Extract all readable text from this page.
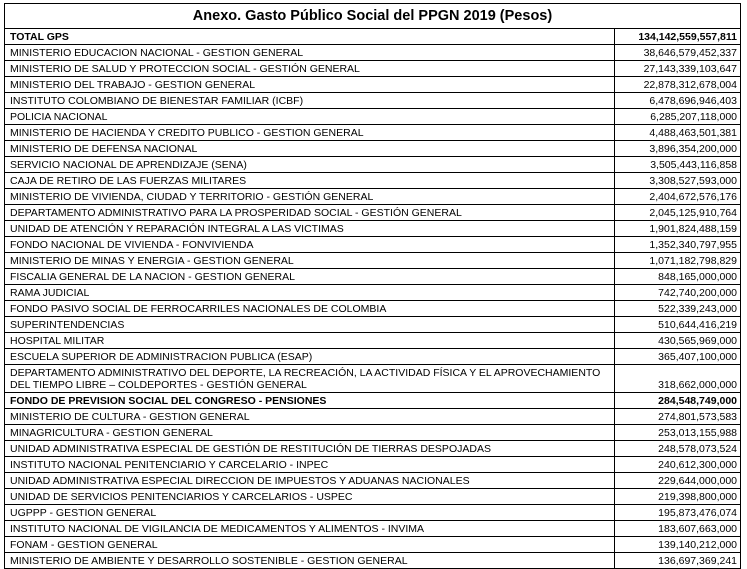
Anexo. Gasto Público Social del PPGN 2019 (Pesos)
TOTAL GPS	134,142,559,557,811
MINISTERIO EDUCACION NACIONAL - GESTION GENERAL	38,646,579,452,337
MINISTERIO DE SALUD Y PROTECCION SOCIAL - GESTIÓN GENERAL	27,143,339,103,647
MINISTERIO DEL TRABAJO - GESTION GENERAL	22,878,312,678,004
INSTITUTO COLOMBIANO DE BIENESTAR FAMILIAR (ICBF)	6,478,696,946,403
POLICIA NACIONAL	6,285,207,118,000
MINISTERIO DE HACIENDA Y CREDITO PUBLICO - GESTION GENERAL	4,488,463,501,381
MINISTERIO DE DEFENSA NACIONAL	3,896,354,200,000
SERVICIO NACIONAL DE APRENDIZAJE (SENA)	3,505,443,116,858
CAJA DE RETIRO DE LAS FUERZAS MILITARES	3,308,527,593,000
MINISTERIO DE VIVIENDA, CIUDAD Y TERRITORIO - GESTIÓN GENERAL	2,404,672,576,176
DEPARTAMENTO ADMINISTRATIVO PARA LA PROSPERIDAD SOCIAL - GESTIÓN GENERAL	2,045,125,910,764
UNIDAD DE ATENCIÓN Y REPARACIÓN INTEGRAL A LAS VICTIMAS	1,901,824,488,159
FONDO NACIONAL DE VIVIENDA - FONVIVIENDA	1,352,340,797,955
MINISTERIO DE MINAS Y ENERGIA - GESTION GENERAL	1,071,182,798,829
FISCALIA GENERAL DE LA NACION - GESTION GENERAL	848,165,000,000
RAMA JUDICIAL	742,740,200,000
FONDO PASIVO SOCIAL DE FERROCARRILES NACIONALES DE COLOMBIA	522,339,243,000
SUPERINTENDENCIAS	510,644,416,219
HOSPITAL MILITAR	430,565,969,000
ESCUELA SUPERIOR DE ADMINISTRACION PUBLICA (ESAP)	365,407,100,000
DEPARTAMENTO ADMINISTRATIVO DEL DEPORTE, LA RECREACIÓN, LA ACTIVIDAD FÍSICA Y EL APROVECHAMIENTO DEL TIEMPO LIBRE – COLDEPORTES - GESTIÓN GENERAL	318,662,000,000
FONDO DE PREVISION SOCIAL DEL CONGRESO - PENSIONES	284,548,749,000
MINISTERIO DE CULTURA - GESTION GENERAL	274,801,573,583
MINAGRICULTURA - GESTION GENERAL	253,013,155,988
UNIDAD ADMINISTRATIVA ESPECIAL DE GESTIÓN DE RESTITUCIÓN DE TIERRAS DESPOJADAS	248,578,073,524
INSTITUTO NACIONAL PENITENCIARIO Y CARCELARIO - INPEC	240,612,300,000
UNIDAD ADMINISTRATIVA ESPECIAL DIRECCION DE IMPUESTOS Y ADUANAS NACIONALES	229,644,000,000
UNIDAD DE SERVICIOS PENITENCIARIOS Y CARCELARIOS - USPEC	219,398,800,000
UGPPP - GESTION GENERAL	195,873,476,074
INSTITUTO NACIONAL DE VIGILANCIA DE MEDICAMENTOS Y ALIMENTOS - INVIMA	183,607,663,000
FONAM - GESTION GENERAL	139,140,212,000
MINISTERIO DE AMBIENTE Y DESARROLLO SOSTENIBLE - GESTION GENERAL	136,697,369,241
